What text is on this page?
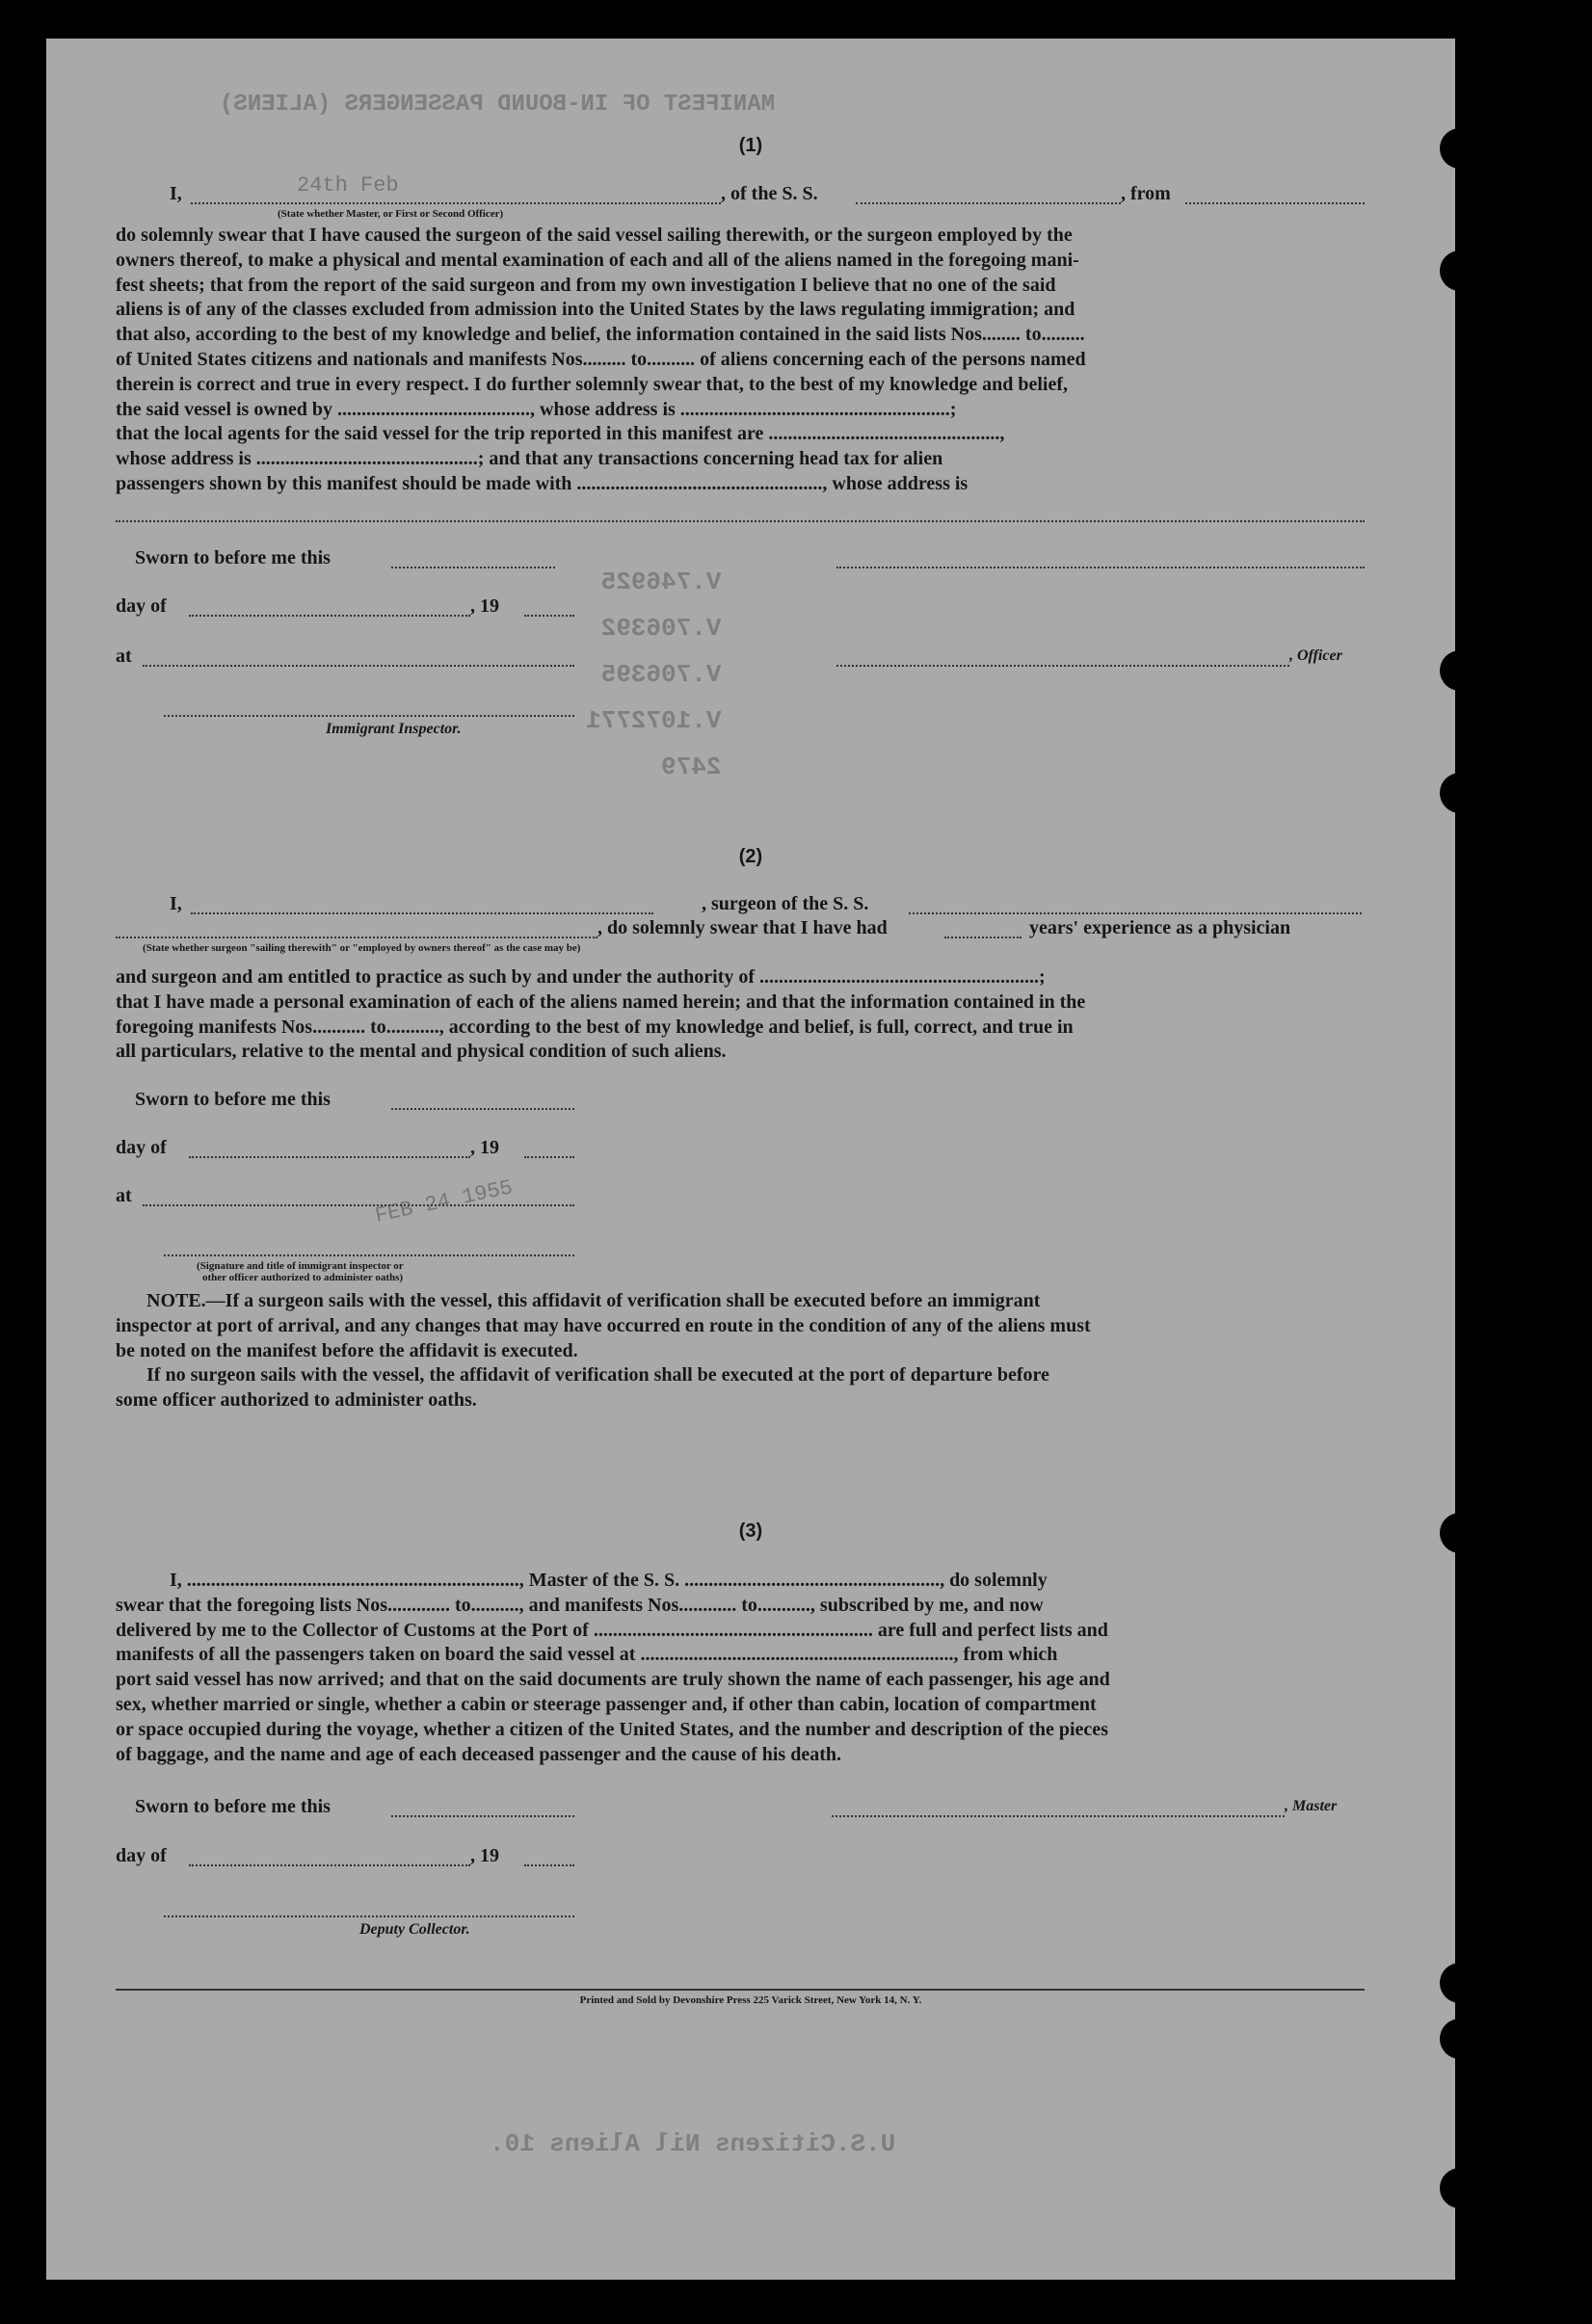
MANIFEST OF IN-BOUND PASSENGERS (ALIENS)
V.746925
V.706392
V.706395
V.1072771
2479
U.S.Citizens Nil Aliens 10.
(1)
I,	24th Feb	, of the S. S.	, from
(State whether Master, or First or Second Officer)
do solemnly swear that I have caused the surgeon of the said vessel sailing therewith, or the surgeon employed by the
owners thereof, to make a physical and mental examination of each and all of the aliens named in the foregoing mani-
fest sheets; that from the report of the said surgeon and from my own investigation I believe that no one of the said
aliens is of any of the classes excluded from admission into the United States by the laws regulating immigration; and
that also, according to the best of my knowledge and belief, the information contained in the said lists Nos........ to.........
of United States citizens and nationals and manifests Nos......... to.......... of aliens concerning each of the persons named
therein is correct and true in every respect. I do further solemnly swear that, to the best of my knowledge and belief,
the said vessel is owned by ........................................, whose address is ........................................................;
that the local agents for the said vessel for the trip reported in this manifest are ................................................,
whose address is ..............................................; and that any transactions concerning head tax for alien
passengers shown by this manifest should be made with ..................................................., whose address is
Sworn to before me this
day of	, 19
at	, Officer
Immigrant Inspector.
(2)
I,	, surgeon of the S. S.
, do solemnly swear that I have had	years' experience as a physician
(State whether surgeon "sailing therewith" or "employed by owners thereof" as the case may be)
and surgeon and am entitled to practice as such by and under the authority of ..........................................................;
that I have made a personal examination of each of the aliens named herein; and that the information contained in the
foregoing manifests Nos........... to..........., according to the best of my knowledge and belief, is full, correct, and true in
all particulars, relative to the mental and physical condition of such aliens.
Sworn to before me this
day of	, 19
at	FEB 24 1955
(Signature and title of immigrant inspector or
other officer authorized to administer oaths)
NOTE.—If a surgeon sails with the vessel, this affidavit of verification shall be executed before an immigrant
inspector at port of arrival, and any changes that may have occurred en route in the condition of any of the aliens must
be noted on the manifest before the affidavit is executed.
If no surgeon sails with the vessel, the affidavit of verification shall be executed at the port of departure before
some officer authorized to administer oaths.
(3)
I, ....................................................................., Master of the S. S. ....................................................., do solemnly
swear that the foregoing lists Nos............. to.........., and manifests Nos............ to..........., subscribed by me, and now
delivered by me to the Collector of Customs at the Port of .......................................................... are full and perfect lists and
manifests of all the passengers taken on board the said vessel at ................................................................., from which
port said vessel has now arrived; and that on the said documents are truly shown the name of each passenger, his age and
sex, whether married or single, whether a cabin or steerage passenger and, if other than cabin, location of compartment
or space occupied during the voyage, whether a citizen of the United States, and the number and description of the pieces
of baggage, and the name and age of each deceased passenger and the cause of his death.
Sworn to before me this	, Master
day of	, 19
Deputy Collector.
Printed and Sold by Devonshire Press 225 Varick Street, New York 14, N. Y.
